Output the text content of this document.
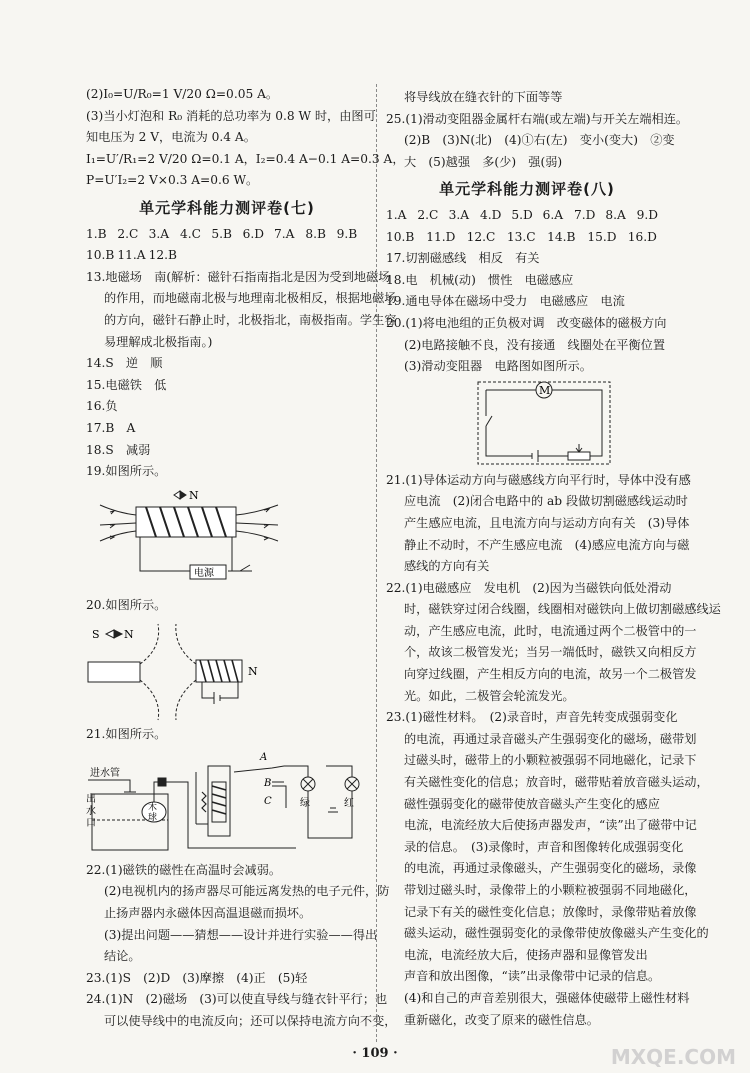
(2)I₀=U/R₀=1 V/20 Ω=0.05 A。
(3)当小灯泡和 R₀ 消耗的总功率为 0.8 W 时，由图可
知电压为 2 V，电流为 0.4 A。
I₁=U′/R₁=2 V/20 Ω=0.1 A，I₂=0.4 A−0.1 A=0.3 A，
P=U′I₂=2 V×0.3 A=0.6 W。
单元学科能力测评卷(七)
1.B 2.C 3.A 4.C 5.B 6.D 7.A 8.B 9.B
10.B 11.A 12.B
13.地磁场　南(解析：磁针石指南指北是因为受到地磁场
的作用，而地磁南北极与地理南北极相反，根据地磁场
的方向，磁针石静止时，北极指北，南极指南。学生容
易理解成北极指南。)
14.S　逆　顺
15.电磁铁　低
16.负
17.B　A
18.S　减弱
19.如图所示。
N
电源
20.如图所示。
S N
N
21.如图所示。
进水管
出
水
口
木
球
A
B
C	绿	红
22.(1)磁铁的磁性在高温时会减弱。
(2)电视机内的扬声器尽可能远离发热的电子元件，防
止扬声器内永磁体因高温退磁而损坏。
(3)提出问题——猜想——设计并进行实验——得出
结论。
23.(1)S　(2)D　(3)摩擦　(4)正　(5)轻
24.(1)N　(2)磁场　(3)可以使直导线与缝衣针平行；也
可以使导线中的电流反向；还可以保持电流方向不变，
将导线放在缝衣针的下面等等
25.(1)滑动变阻器金属杆右端(或左端)与开关左端相连。
(2)B　(3)N(北)　(4)①右(左)　变小(变大)　②变
大　(5)越强　多(少)　强(弱)
单元学科能力测评卷(八)
1.A 2.C 3.A 4.D 5.D 6.A 7.D 8.A 9.D
10.B 11.D 12.C 13.C 14.B 15.D 16.D
17.切割磁感线　相反　有关
18.电　机械(动)　惯性　电磁感应
19.通电导体在磁场中受力　电磁感应　电流
20.(1)将电池组的正负极对调　改变磁体的磁极方向
(2)电路接触不良，没有接通　线圈处在平衡位置
(3)滑动变阻器　电路图如图所示。
M
21.(1)导体运动方向与磁感线方向平行时，导体中没有感
应电流　(2)闭合电路中的 ab 段做切割磁感线运动时
产生感应电流，且电流方向与运动方向有关　(3)导体
静止不动时，不产生感应电流　(4)感应电流方向与磁
感线的方向有关
22.(1)电磁感应　发电机　(2)因为当磁铁向低处滑动
时，磁铁穿过闭合线圈，线圈相对磁铁向上做切割磁感线运
动，产生感应电流，此时，电流通过两个二极管中的一
个，故该二极管发光；当另一端低时，磁铁又向相反方
向穿过线圈，产生相反方向的电流，故另一个二极管发
光。如此，二极管会轮流发光。
23.(1)磁性材料。　(2)录音时，声音先转变成强弱变化
的电流，再通过录音磁头产生强弱变化的磁场，磁带划
过磁头时，磁带上的小颗粒被强弱不同地磁化，记录下
有关磁性变化的信息；放音时，磁带贴着放音磁头运动，
磁性强弱变化的磁带使放音磁头产生变化的感应
电流，电流经放大后使扬声器发声，“读”出了磁带中记
录的信息。　(3)录像时，声音和图像转化成强弱变化
的电流，再通过录像磁头，产生强弱变化的磁场，录像
带划过磁头时，录像带上的小颗粒被强弱不同地磁化，
记录下有关的磁性变化信息；放像时，录像带贴着放像
磁头运动，磁性强弱变化的录像带使放像磁头产生变化的
电流，电流经放大后，使扬声器和显像管发出
声音和放出图像，“读”出录像带中记录的信息。
(4)和自己的声音差别很大，强磁体使磁带上磁性材料
重新磁化，改变了原来的磁性信息。
· 109 ·	MXQE.COM
